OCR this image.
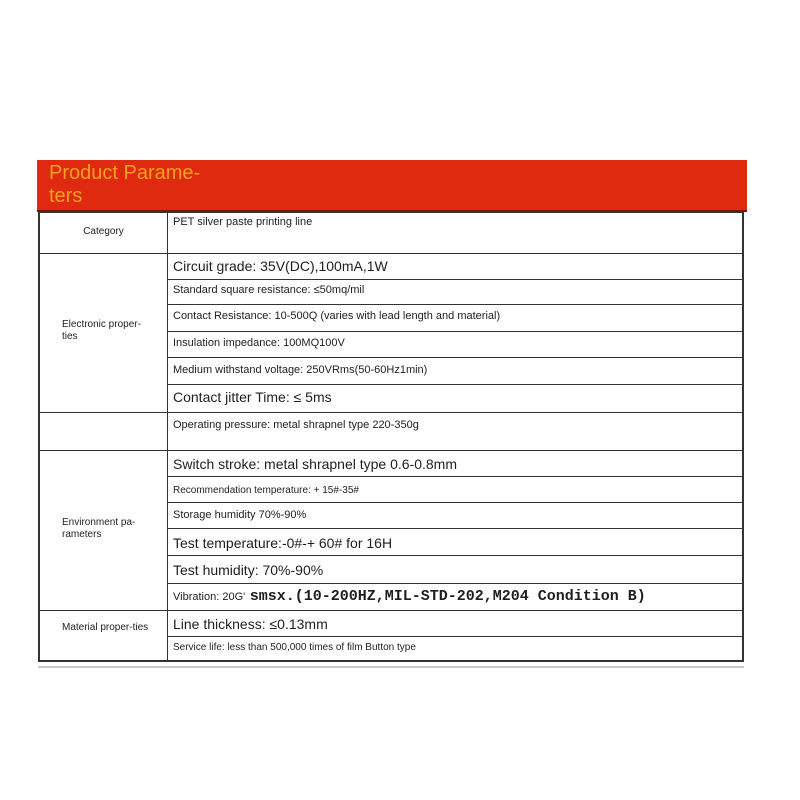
Product Parame-ters
Category
Electronic proper-ties
Environment pa-rameters
Material proper-ties
PET silver paste printing line
Circuit grade: 35V(DC),100mA,1W
Standard square resistance: ≤50mq/mil
Contact Resistance: 10-500Q (varies with lead length and material)
Insulation impedance: 100MQ100V
Medium withstand voltage: 250VRms(50-60Hz1min)
Contact jitter Time: ≤ 5ms
Operating pressure: metal shrapnel type 220-350g
Switch stroke: metal shrapnel type 0.6-0.8mm
Recommendation temperature: + 15#-35#
Storage humidity 70%-90%
Test temperature:-0#-+ 60# for 16H
Test humidity: 70%-90%
Vibration: 20G' smsx.(10-200HZ,MIL-STD-202,M204 Condition B)
Line thickness: ≤0.13mm
Service life: less than 500,000 times of film Button type
